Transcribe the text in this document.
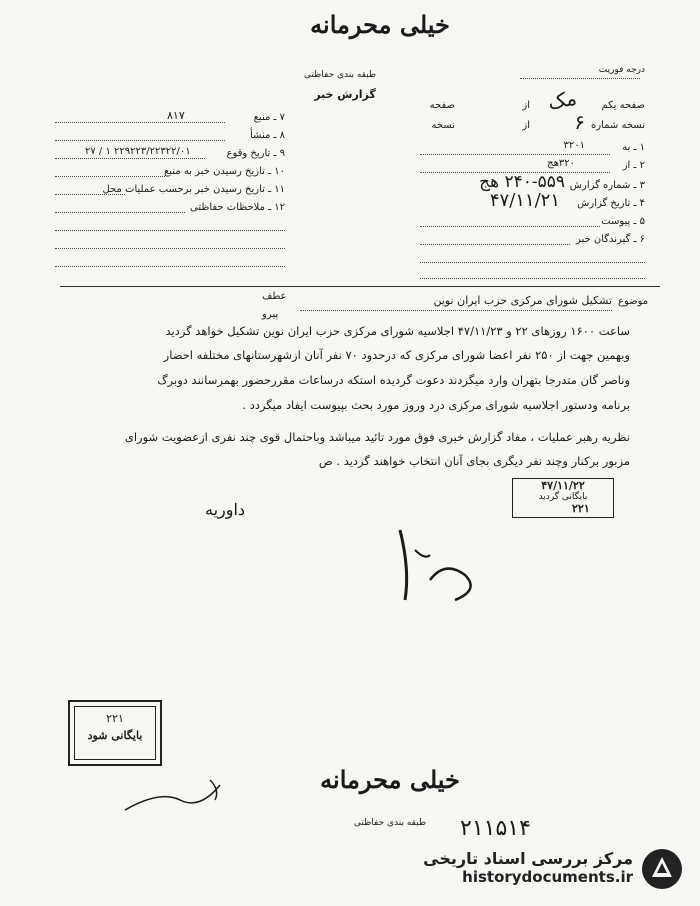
خیلی محرمانه
طبقه بندی حفاظتی
گزارش خبر
درجه فوریت
۷ ـ منبع
۸۱۷
۸ ـ منشأ
۹ ـ تاریخ وقوع
۲۲۹۲۲۳/۲۲۳۲۲/۰۱ ۱ / ۲۷
۱۰ ـ تاریخ رسیدن خبر به منبع
۱۱ ـ تاریخ رسیدن خبر برحسب عملیات محل
۱۲ ـ ملاحظات حفاظتی
صفحه یکم
مک
از
صفحه
نسخه شماره
۶
از
نسخه
۱ ـ به
۳۲۰۱
۲ ـ از
۳۲۰هج
۳ ـ شماره گزارش
۲۴۰-۵۵۹ هج
۴ ـ تاریخ گزارش
۴۷/۱۱/۲۱
۵ ـ پیوست
۶ ـ گیرندگان خبر
عطف
پیرو
موضوع
تشکیل شورای مرکزی حزب ایران نوین
ساعت ۱۶۰۰ روزهای ۲۲ و ۴۷/۱۱/۲۳ اجلاسیه شورای مرکزی حزب ایران نوین تشکیل خواهد گردید
وبهمین جهت از ۲۵۰ نفر اعضا شورای مرکزی که درحدود ۷۰ نفر آنان ازشهرستانهای مختلفه احضار
وناصر گان متدرجا بتهران وارد میگردند دعوت گردیده استکه درساعات مقررحضور بهمرسانند دوبرگ
برنامه ودستور اجلاسیه شورای مرکزی درد وروز مورد بحث بپیوست ایفاد میگردد .
نظریه رهبر عملیات ، مفاد گزارش خبری فوق مورد تائید میباشد وباحتمال قوی چند نفری ازعضویت شورای
مزبور برکنار وچند نفر دیگری بجای آنان انتخاب خواهند گردید . ص
داوریه
۴۷/۱۱/۲۲
بایگانی گردید
۲۲۱
۲۲۱
بایگانی شود
خیلی محرمانه
طبقه بندی حفاظتی	۲۱۱۵۱۴
مرکز بررسی اسناد تاریخی
historydocuments.ir
